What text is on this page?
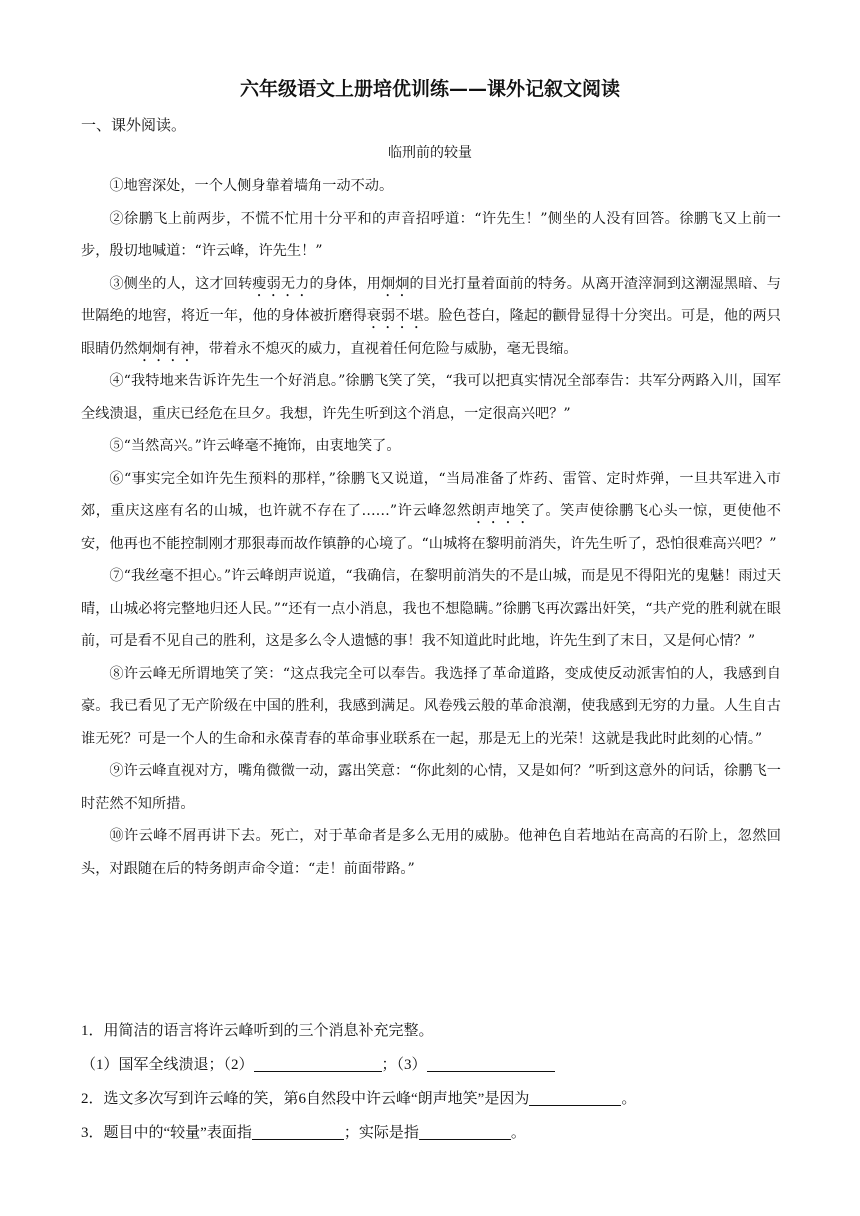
六年级语文上册培优训练——课外记叙文阅读
一、课外阅读。
临刑前的较量

①地窖深处，一个人侧身靠着墙角一动不动。

②徐鹏飞上前两步，不慌不忙用十分平和的声音招呼道：“许先生！”侧坐的人没有回答。徐鹏飞又上前一步，殷切地喊道：“许云峰，许先生！”

③侧坐的人，这才回转瘦弱无力的身体，用炯炯的目光打量着面前的特务。从离开渣滓洞到这潮湿黑暗、与世隔绝的地窖，将近一年，他的身体被折磨得衰弱不堪。脸色苍白，隆起的颧骨显得十分突出。可是，他的两只眼睛仍然炯炯有神，带着永不熄灭的威力，直视着任何危险与威胁，毫无畏缩。

④“我特地来告诉许先生一个好消息。”徐鹏飞笑了笑，“我可以把真实情况全部奉告：共军分两路入川，国军全线溃退，重庆已经危在旦夕。我想，许先生听到这个消息，一定很高兴吧？”

⑤“当然高兴。”许云峰毫不掩饰，由衷地笑了。

⑥“事实完全如许先生预料的那样，”徐鹏飞又说道，“当局准备了炸药、雷管、定时炸弹，一旦共军进入市郊，重庆这座有名的山城，也许就不存在了……”许云峰忽然朗声地笑了。笑声使徐鹏飞心头一惊，更使他不安，他再也不能控制刚才那狠毒而故作镇静的心境了。“山城将在黎明前消失，许先生听了，恐怕很难高兴吧？”

⑦“我丝毫不担心。”许云峰朗声说道，“我确信，在黎明前消失的不是山城，而是见不得阳光的鬼魅！雨过天晴，山城必将完整地归还人民。”“还有一点小消息，我也不想隐瞒。”徐鹏飞再次露出奸笑，“共产党的胜利就在眼前，可是看不见自己的胜利，这是多么令人遗憾的事！我不知道此时此地，许先生到了末日，又是何心情？”

⑧许云峰无所谓地笑了笑：“这点我完全可以奉告。我选择了革命道路，变成使反动派害怕的人，我感到自豪。我已看见了无产阶级在中国的胜利，我感到满足。风卷残云般的革命浪潮，使我感到无穷的力量。人生自古谁无死？可是一个人的生命和永葆青春的革命事业联系在一起，那是无上的光荣！这就是我此时此刻的心情。”

⑨许云峰直视对方，嘴角微微一动，露出笑意：“你此刻的心情，又是如何？”听到这意外的问话，徐鹏飞一时茫然不知所措。

⑩许云峰不屑再讲下去。死亡，对于革命者是多么无用的威胁。他神色自若地站在高高的石阶上，忽然回头，对跟随在后的特务朗声命令道：“走！前面带路。”

1．用简洁的语言将许云峰听到的三个消息补充完整。

（1）国军全线溃退；（2）	；（3）

2．选文多次写到许云峰的笑，第6自然段中许云峰“朗声地笑”是因为	。

3．题目中的“较量”表面指	；实际是指	。
